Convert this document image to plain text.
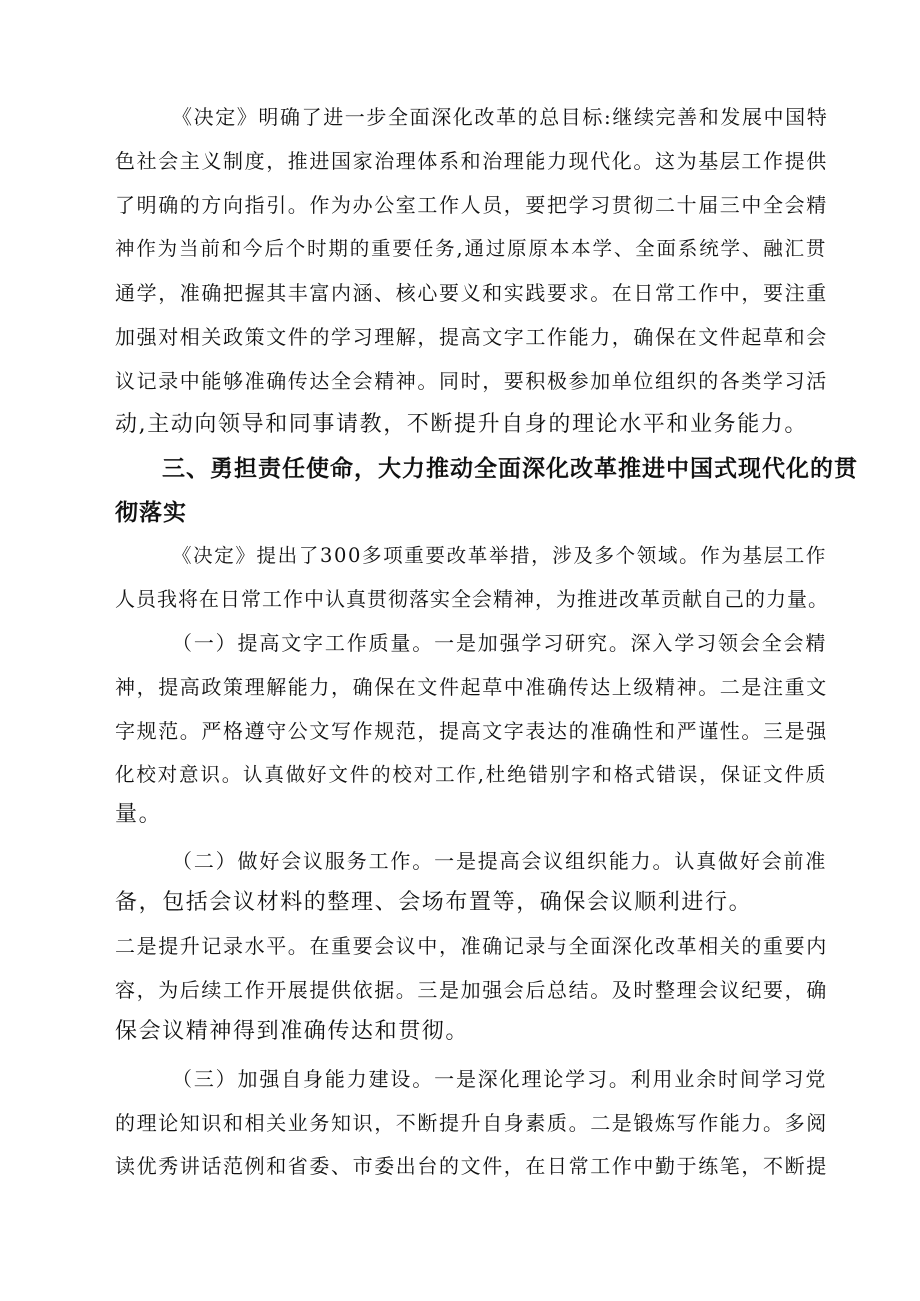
《决定》明确了进一步全面深化改革的总目标:继续完善和发展中国特
色社会主义制度，推进国家治理体系和治理能力现代化。这为基层工作提供
了明确的方向指引。作为办公室工作人员，要把学习贯彻二十届三中全会精
神作为当前和今后个时期的重要任务,通过原原本本学、全面系统学、融汇贯
通学，准确把握其丰富内涵、核心要义和实践要求。在日常工作中，要注重
加强对相关政策文件的学习理解，提高文字工作能力，确保在文件起草和会
议记录中能够准确传达全会精神。同时，要积极参加单位组织的各类学习活
动,主动向领导和同事请教，不断提升自身的理论水平和业务能力。
三、勇担责任使命，大力推动全面深化改革推进中国式现代化的贯
彻落实
《决定》提出了300多项重要改革举措，涉及多个领域。作为基层工作
人员我将在日常工作中认真贯彻落实全会精神，为推进改革贡献自己的力量。
（一）提高文字工作质量。一是加强学习研究。深入学习领会全会精
神，提高政策理解能力，确保在文件起草中准确传达上级精神。二是注重文
字规范。严格遵守公文写作规范，提高文字表达的准确性和严谨性。三是强
化校对意识。认真做好文件的校对工作,杜绝错别字和格式错误，保证文件质
量。
（二）做好会议服务工作。一是提高会议组织能力。认真做好会前准
备，包括会议材料的整理、会场布置等，确保会议顺利进行。
二是提升记录水平。在重要会议中，准确记录与全面深化改革相关的重要内
容，为后续工作开展提供依据。三是加强会后总结。及时整理会议纪要，确
保会议精神得到准确传达和贯彻。
（三）加强自身能力建设。一是深化理论学习。利用业余时间学习党
的理论知识和相关业务知识，不断提升自身素质。二是锻炼写作能力。多阅
读优秀讲话范例和省委、市委出台的文件，在日常工作中勤于练笔，不断提
